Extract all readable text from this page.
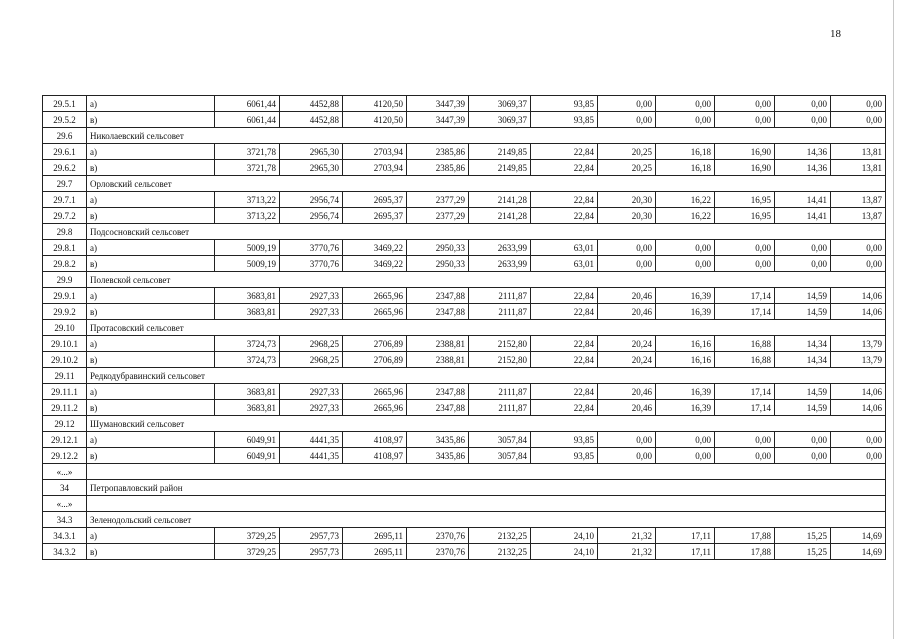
18
29.5.1	а)	6061,44	4452,88	4120,50	3447,39	3069,37	93,85	0,00	0,00	0,00	0,00	0,00
29.5.2	в)	6061,44	4452,88	4120,50	3447,39	3069,37	93,85	0,00	0,00	0,00	0,00	0,00
29.6	Николаевский сельсовет											
29.6.1	а)	3721,78	2965,30	2703,94	2385,86	2149,85	22,84	20,25	16,18	16,90	14,36	13,81
29.6.2	в)	3721,78	2965,30	2703,94	2385,86	2149,85	22,84	20,25	16,18	16,90	14,36	13,81
29.7	Орловский сельсовет											
29.7.1	а)	3713,22	2956,74	2695,37	2377,29	2141,28	22,84	20,30	16,22	16,95	14,41	13,87
29.7.2	в)	3713,22	2956,74	2695,37	2377,29	2141,28	22,84	20,30	16,22	16,95	14,41	13,87
29.8	Подсосновский сельсовет											
29.8.1	а)	5009,19	3770,76	3469,22	2950,33	2633,99	63,01	0,00	0,00	0,00	0,00	0,00
29.8.2	в)	5009,19	3770,76	3469,22	2950,33	2633,99	63,01	0,00	0,00	0,00	0,00	0,00
29.9	Полевской сельсовет											
29.9.1	а)	3683,81	2927,33	2665,96	2347,88	2111,87	22,84	20,46	16,39	17,14	14,59	14,06
29.9.2	в)	3683,81	2927,33	2665,96	2347,88	2111,87	22,84	20,46	16,39	17,14	14,59	14,06
29.10	Протасовский сельсовет											
29.10.1	а)	3724,73	2968,25	2706,89	2388,81	2152,80	22,84	20,24	16,16	16,88	14,34	13,79
29.10.2	в)	3724,73	2968,25	2706,89	2388,81	2152,80	22,84	20,24	16,16	16,88	14,34	13,79
29.11	Редкодубравинский сельсовет											
29.11.1	а)	3683,81	2927,33	2665,96	2347,88	2111,87	22,84	20,46	16,39	17,14	14,59	14,06
29.11.2	в)	3683,81	2927,33	2665,96	2347,88	2111,87	22,84	20,46	16,39	17,14	14,59	14,06
29.12	Шумановский сельсовет											
29.12.1	а)	6049,91	4441,35	4108,97	3435,86	3057,84	93,85	0,00	0,00	0,00	0,00	0,00
29.12.2	в)	6049,91	4441,35	4108,97	3435,86	3057,84	93,85	0,00	0,00	0,00	0,00	0,00
«...»												
34	Петропавловский район											
«...»												
34.3	Зеленодольский сельсовет											
34.3.1	а)	3729,25	2957,73	2695,11	2370,76	2132,25	24,10	21,32	17,11	17,88	15,25	14,69
34.3.2	в)	3729,25	2957,73	2695,11	2370,76	2132,25	24,10	21,32	17,11	17,88	15,25	14,69
